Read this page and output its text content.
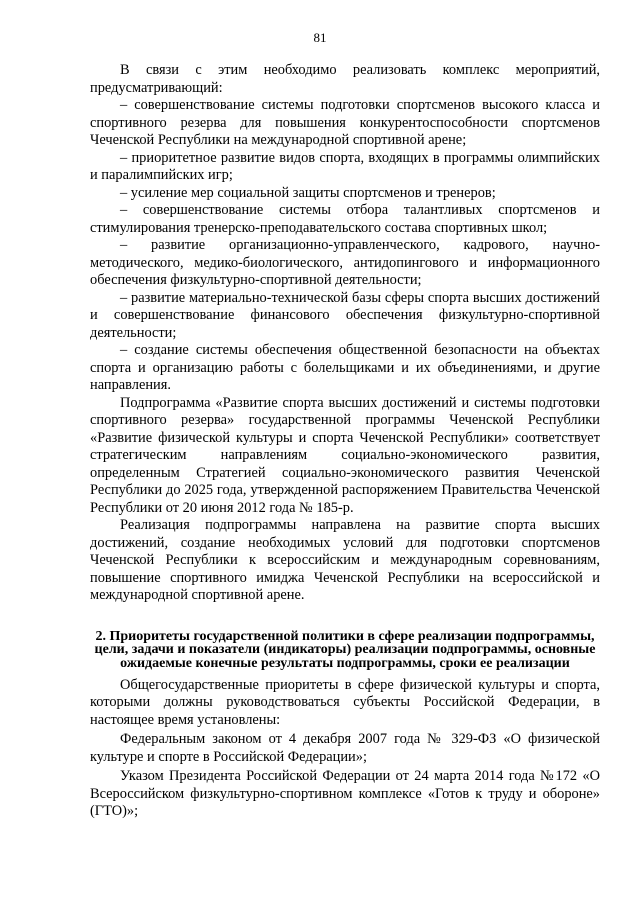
81

В связи с этим необходимо реализовать комплекс мероприятий, предусматривающий:

– совершенствование системы подготовки спортсменов высокого класса и спортивного резерва для повышения конкурентоспособности спортсменов Чеченской Республики на международной спортивной арене;

– приоритетное развитие видов спорта, входящих в программы олимпийских и паралимпийских игр;

– усиление мер социальной защиты спортсменов и тренеров;

– совершенствование системы отбора талантливых спортсменов и стимулирования тренерско-преподавательского состава спортивных школ;

– развитие организационно-управленческого, кадрового, научно-методического, медико-биологического, антидопингового и информационного обеспечения физкультурно-спортивной деятельности;

– развитие материально-технической базы сферы спорта высших достижений и совершенствование финансового обеспечения физкультурно-спортивной деятельности;

– создание системы обеспечения общественной безопасности на объектах спорта и организацию работы с болельщиками и их объединениями, и другие направления.

Подпрограмма «Развитие спорта высших достижений и системы подготовки спортивного резерва» государственной программы Чеченской Республики «Развитие физической культуры и спорта Чеченской Республики» соответствует стратегическим направлениям социально-экономического развития, определенным Стратегией социально-экономического развития Чеченской Республики до 2025 года, утвержденной распоряжением Правительства Чеченской Республики от 20 июня 2012 года № 185-р.

Реализация подпрограммы направлена на развитие спорта высших достижений, создание необходимых условий для подготовки спортсменов Чеченской Республики к всероссийским и международным соревнованиям, повышение спортивного имиджа Чеченской Республики на всероссийской и международной спортивной арене.

2. Приоритеты государственной политики в сфере реализации подпрограммы, цели, задачи и показатели (индикаторы) реализации подпрограммы, основные ожидаемые конечные результаты подпрограммы, сроки ее реализации

Общегосударственные приоритеты в сфере физической культуры и спорта, которыми должны руководствоваться субъекты Российской Федерации, в настоящее время установлены:

Федеральным законом от 4 декабря 2007 года № 329-ФЗ «О физической культуре и спорте в Российской Федерации»;

Указом Президента Российской Федерации от 24 марта 2014 года №172 «О Всероссийском физкультурно-спортивном комплексе «Готов к труду и обороне» (ГТО)»;
